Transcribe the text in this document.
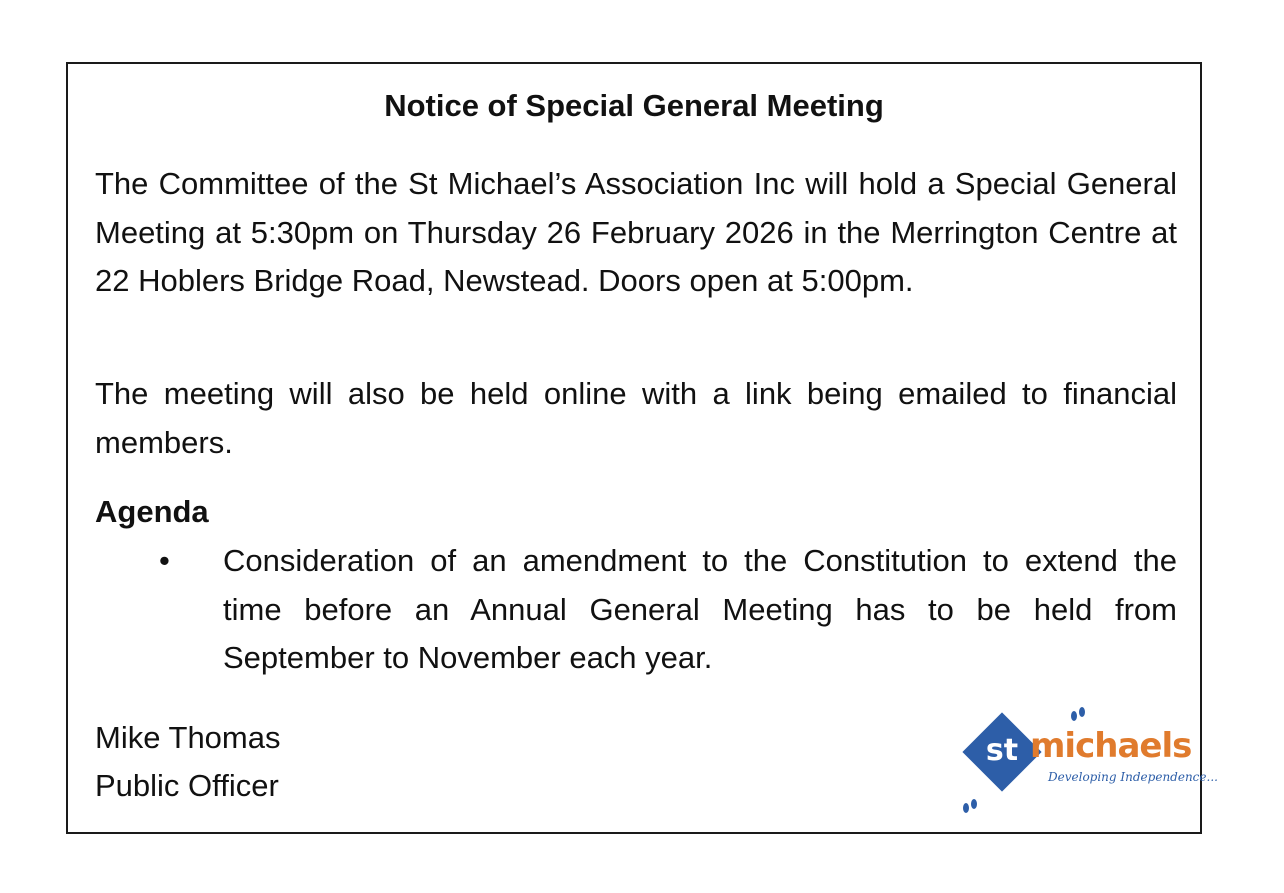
Notice of Special General Meeting

The Committee of the St Michael’s Association Inc will hold a Special General Meeting at 5:30pm on Thursday 26 February 2026 in the Merrington Centre at 22 Hoblers Bridge Road, Newstead. Doors open at 5:00pm.

The meeting will also be held online with a link being emailed to financial members.

Agenda
• Consideration of an amendment to the Constitution to extend the time before an Annual General Meeting has to be held from September to November each year.
Mike Thomas
Public Officer
st michaels
Developing Independence...
